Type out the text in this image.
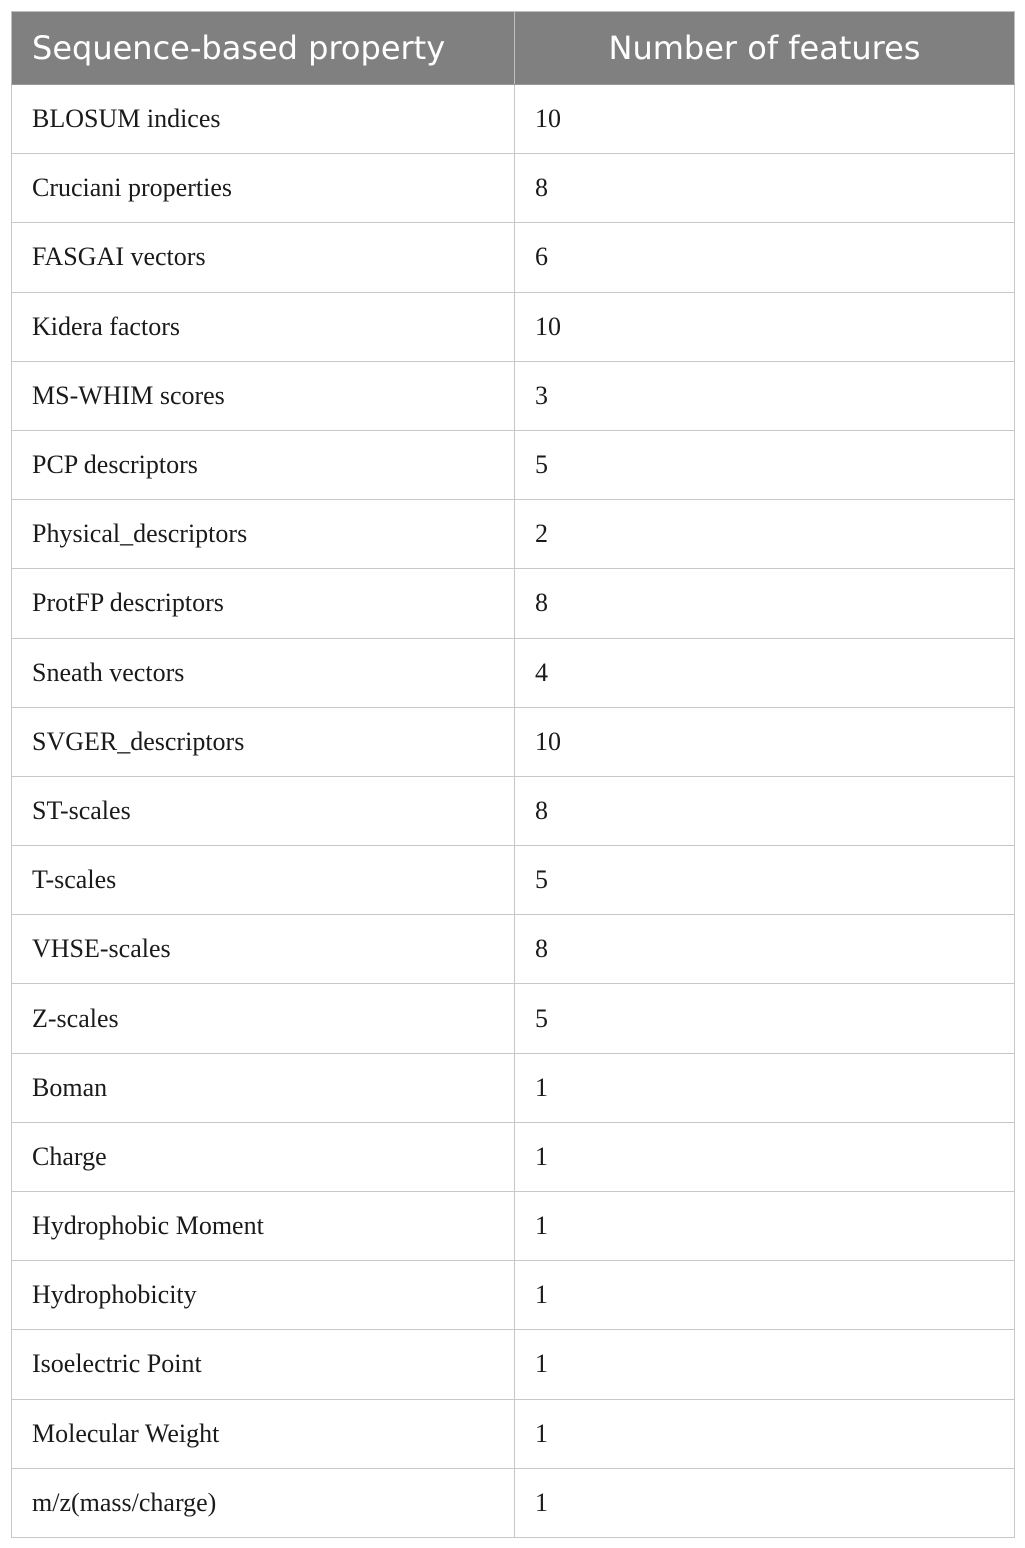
Sequence-based property	Number of features
BLOSUM indices	10
Cruciani properties	8
FASGAI vectors	6
Kidera factors	10
MS-WHIM scores	3
PCP descriptors	5
Physical_descriptors	2
ProtFP descriptors	8
Sneath vectors	4
SVGER_descriptors	10
ST-scales	8
T-scales	5
VHSE-scales	8
Z-scales	5
Boman	1
Charge	1
Hydrophobic Moment	1
Hydrophobicity	1
Isoelectric Point	1
Molecular Weight	1
m/z(mass/charge)	1
